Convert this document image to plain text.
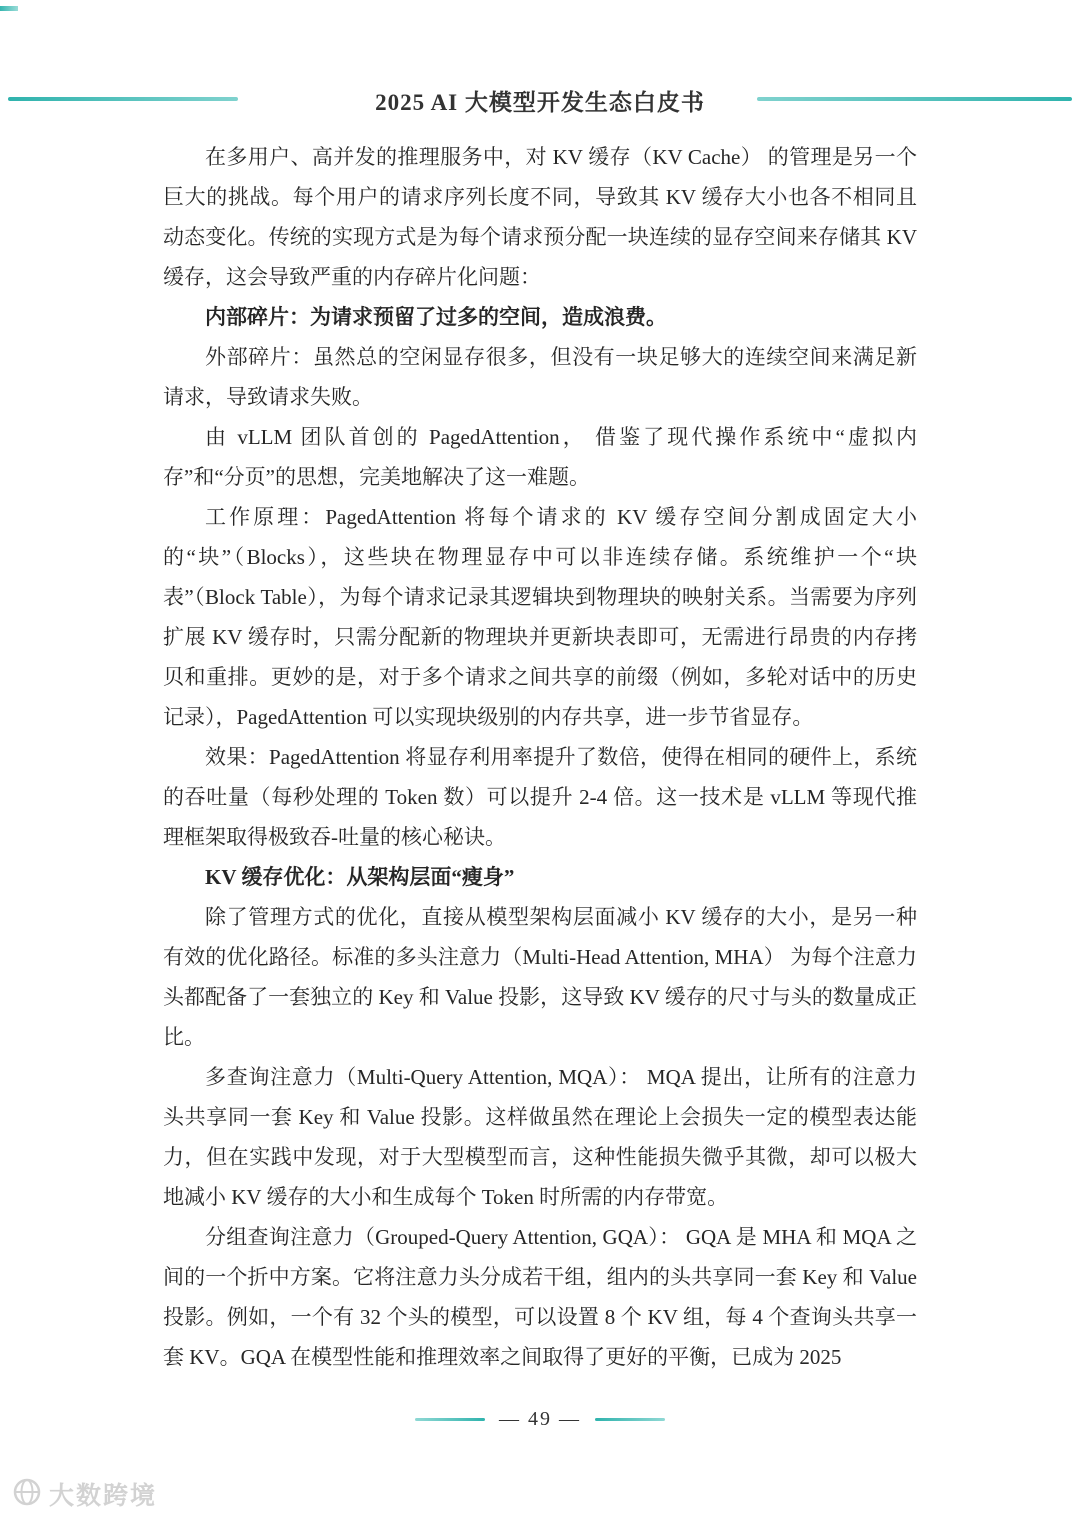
2025 AI 大模型开发生态白皮书

在多用户、高并发的推理服务中，对 KV 缓存（KV Cache） 的管理是另一个巨大的挑战。每个用户的请求序列长度不同，导致其 KV 缓存大小也各不相同且动态变化。传统的实现方式是为每个请求预分配一块连续的显存空间来存储其 KV 缓存，这会导致严重的内存碎片化问题：

内部碎片：为请求预留了过多的空间，造成浪费。

外部碎片：虽然总的空闲显存很多，但没有一块足够大的连续空间来满足新请求，导致请求失败。

由 vLLM 团队首创的 PagedAttention， 借鉴了现代操作系统中“虚拟内存”和“分页”的思想，完美地解决了这一难题。

工作原理：PagedAttention 将每个请求的 KV 缓存空间分割成固定大小的“块”（Blocks），这些块在物理显存中可以非连续存储。系统维护一个“块表”（Block Table），为每个请求记录其逻辑块到物理块的映射关系。当需要为序列扩展 KV 缓存时，只需分配新的物理块并更新块表即可，无需进行昂贵的内存拷贝和重排。更妙的是，对于多个请求之间共享的前缀（例如，多轮对话中的历史记录），PagedAttention 可以实现块级别的内存共享，进一步节省显存。

效果：PagedAttention 将显存利用率提升了数倍，使得在相同的硬件上，系统的吞吐量（每秒处理的 Token 数）可以提升 2-4 倍。这一技术是 vLLM 等现代推理框架取得极致吞-吐量的核心秘诀。

KV 缓存优化：从架构层面“瘦身”

除了管理方式的优化，直接从模型架构层面减小 KV 缓存的大小，是另一种有效的优化路径。标准的多头注意力（Multi-Head Attention, MHA） 为每个注意力头都配备了一套独立的 Key 和 Value 投影，这导致 KV 缓存的尺寸与头的数量成正比。

多查询注意力（Multi-Query Attention, MQA）： MQA 提出，让所有的注意力头共享同一套 Key 和 Value 投影。这样做虽然在理论上会损失一定的模型表达能力，但在实践中发现，对于大型模型而言，这种性能损失微乎其微，却可以极大地减小 KV 缓存的大小和生成每个 Token 时所需的内存带宽。

分组查询注意力（Grouped-Query Attention, GQA）： GQA 是 MHA 和 MQA 之间的一个折中方案。它将注意力头分成若干组，组内的头共享同一套 Key 和 Value 投影。例如，一个有 32 个头的模型，可以设置 8 个 KV 组，每 4 个查询头共享一套 KV。GQA 在模型性能和推理效率之间取得了更好的平衡，已成为 2025

— 49 —
大数跨境
